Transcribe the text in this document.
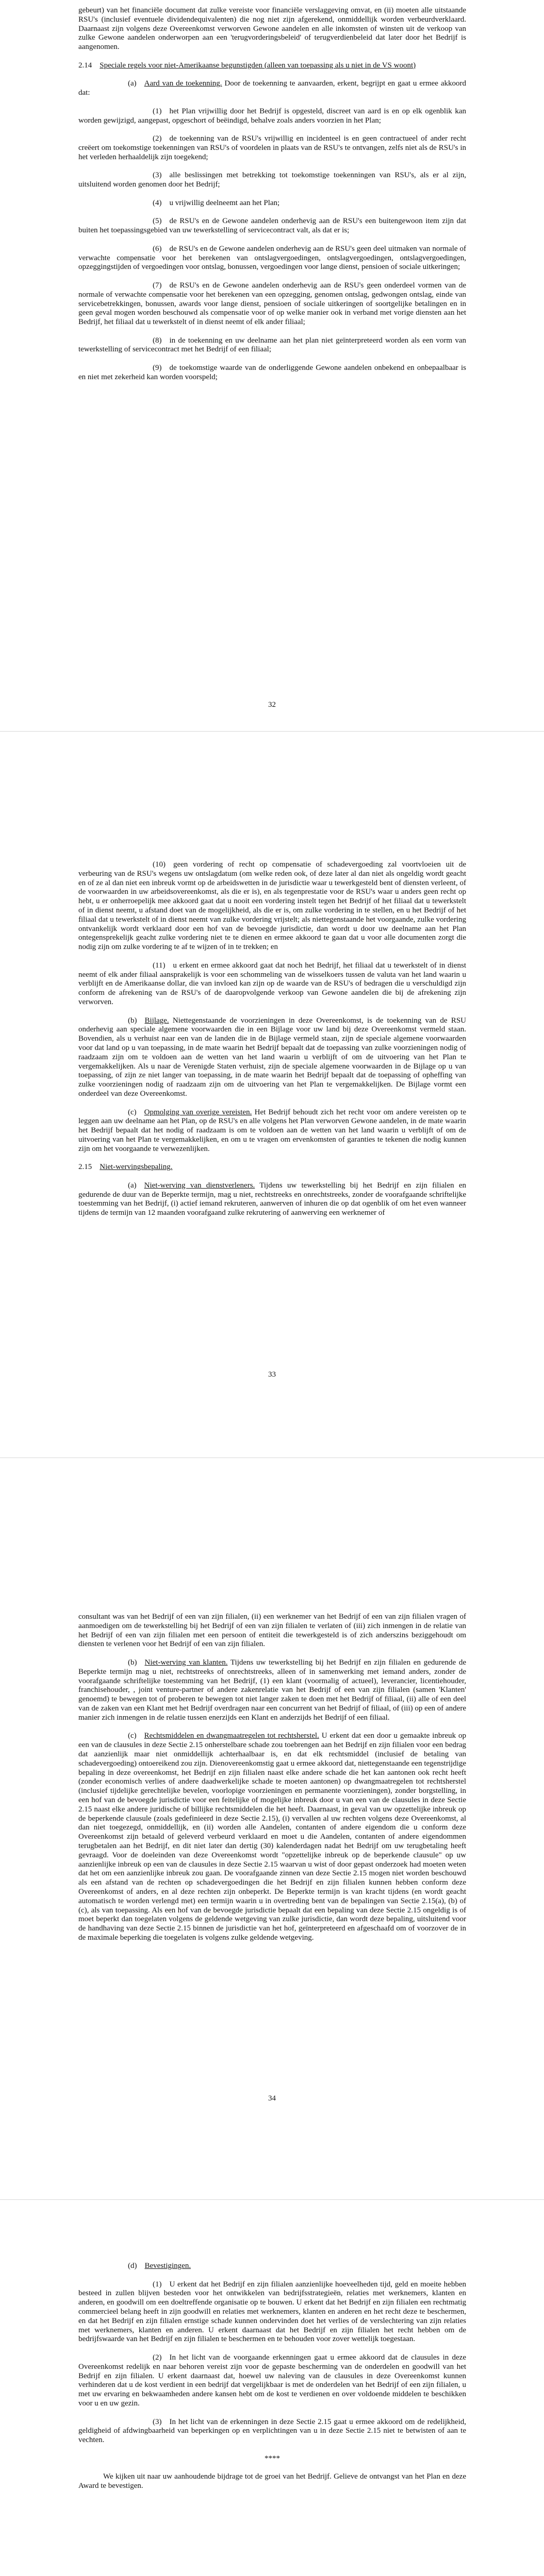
gebeurt) van het financiële document dat zulke vereiste voor financiële verslaggeving omvat, en (ii) moeten alle uitstaande RSU's (inclusief eventuele dividendequivalenten) die nog niet zijn afgerekend, onmiddellijk worden verbeurdverklaard. Daarnaast zijn volgens deze Overeenkomst verworven Gewone aandelen en alle inkomsten of winsten uit de verkoop van zulke Gewone aandelen onderworpen aan een 'terugvorderingsbeleid' of terugverdienbeleid dat later door het Bedrijf is aangenomen.

2.14  Speciale regels voor niet-Amerikaanse begunstigden (alleen van toepassing als u niet in de VS woont)

(a)  Aard van de toekenning. Door de toekenning te aanvaarden, erkent, begrijpt en gaat u ermee akkoord dat:

(1) het Plan vrijwillig door het Bedrijf is opgesteld, discreet van aard is en op elk ogenblik kan worden gewijzigd, aangepast, opgeschort of beëindigd, behalve zoals anders voorzien in het Plan;

(2) de toekenning van de RSU's vrijwillig en incidenteel is en geen contractueel of ander recht creëert om toekomstige toekenningen van RSU's of voordelen in plaats van de RSU's te ontvangen, zelfs niet als de RSU's in het verleden herhaaldelijk zijn toegekend;

(3) alle beslissingen met betrekking tot toekomstige toekenningen van RSU's, als er al zijn, uitsluitend worden genomen door het Bedrijf;

(4) u vrijwillig deelneemt aan het Plan;

(5) de RSU's en de Gewone aandelen onderhevig aan de RSU's een buitengewoon item zijn dat buiten het toepassingsgebied van uw tewerkstelling of servicecontract valt, als dat er is;

(6) de RSU's en de Gewone aandelen onderhevig aan de RSU's geen deel uitmaken van normale of verwachte compensatie voor het berekenen van ontslagvergoedingen, ontslagvergoedingen, ontslagvergoedingen, opzeggingstijden of vergoedingen voor ontslag, bonussen, vergoedingen voor lange dienst, pensioen of sociale uitkeringen;

(7) de RSU's en de Gewone aandelen onderhevig aan de RSU's geen onderdeel vormen van de normale of verwachte compensatie voor het berekenen van een opzegging, genomen ontslag, gedwongen ontslag, einde van servicebetrekkingen, bonussen, awards voor lange dienst, pensioen of sociale uitkeringen of soortgelijke betalingen en in geen geval mogen worden beschouwd als compensatie voor of op welke manier ook in verband met vorige diensten aan het Bedrijf, het filiaal dat u tewerkstelt of in dienst neemt of elk ander filiaal;

(8) in de toekenning en uw deelname aan het plan niet geïnterpreteerd worden als een vorm van tewerkstelling of servicecontract met het Bedrijf of een filiaal;

(9) de toekomstige waarde van de onderliggende Gewone aandelen onbekend en onbepaalbaar is en niet met zekerheid kan worden voorspeld;

32

(10) geen vordering of recht op compensatie of schadevergoeding zal voortvloeien uit de verbeuring van de RSU's wegens uw ontslagdatum (om welke reden ook, of deze later al dan niet als ongeldig wordt geacht en of ze al dan niet een inbreuk vormt op de arbeidswetten in de jurisdictie waar u tewerkgesteld bent of diensten verleent, of de voorwaarden in uw arbeidsovereenkomst, als die er is), en als tegenprestatie voor de RSU's waar u anders geen recht op hebt, u er onherroepelijk mee akkoord gaat dat u nooit een vordering instelt tegen het Bedrijf of het filiaal dat u tewerkstelt of in dienst neemt, u afstand doet van de mogelijkheid, als die er is, om zulke vordering in te stellen, en u het Bedrijf of het filiaal dat u tewerkstelt of in dienst neemt van zulke vordering vrijstelt; als niettegenstaande het voorgaande, zulke vordering ontvankelijk wordt verklaard door een hof van de bevoegde jurisdictie, dan wordt u door uw deelname aan het Plan ontegensprekelijk geacht zulke vordering niet te te dienen en ermee akkoord te gaan dat u voor alle documenten zorgt die nodig zijn om zulke vordering te af te wijzen of in te trekken; en

(11) u erkent en ermee akkoord gaat dat noch het Bedrijf, het filiaal dat u tewerkstelt of in dienst neemt of elk ander filiaal aansprakelijk is voor een schommeling van de wisselkoers tussen de valuta van het land waarin u verblijft en de Amerikaanse dollar, die van invloed kan zijn op de waarde van de RSU's of bedragen die u verschuldigd zijn conform de afrekening van de RSU's of de daaropvolgende verkoop van Gewone aandelen die bij de afrekening zijn verworven.

(b)  Bijlage. Niettegenstaande de voorzieningen in deze Overeenkomst, is de toekenning van de RSU onderhevig aan speciale algemene voorwaarden die in een Bijlage voor uw land bij deze Overeenkomst vermeld staan. Bovendien, als u verhuist naar een van de landen die in de Bijlage vermeld staan, zijn de speciale algemene voorwaarden voor dat land op u van toepassing, in de mate waarin het Bedrijf bepaalt dat de toepassing van zulke voorzieningen nodig of raadzaam zijn om te voldoen aan de wetten van het land waarin u verblijft of om de uitvoering van het Plan te vergemakkelijken. Als u naar de Verenigde Staten verhuist, zijn de speciale algemene voorwaarden in de Bijlage op u van toepassing, of zijn ze niet langer van toepassing, in de mate waarin het Bedrijf bepaalt dat de toepassing of opheffing van zulke voorzieningen nodig of raadzaam zijn om de uitvoering van het Plan te vergemakkelijken. De Bijlage vormt een onderdeel van deze Overeenkomst.

(c)  Opmolging van overige vereisten. Het Bedrijf behoudt zich het recht voor om andere vereisten op te leggen aan uw deelname aan het Plan, op de RSU's en alle volgens het Plan verworven Gewone aandelen, in de mate waarin het Bedrijf bepaalt dat het nodig of raadzaam is om te voldoen aan de wetten van het land waarin u verblijft of om de uitvoering van het Plan te vergemakkelijken, en om u te vragen om ervenkomsten of garanties te tekenen die nodig kunnen zijn om het voorgaande te verwezenlijken.

2.15  Niet-wervingsbepaling.

(a)  Niet-werving van dienstverleners. Tijdens uw tewerkstelling bij het Bedrijf en zijn filialen en gedurende de duur van de Beperkte termijn, mag u niet, rechtstreeks en onrechtstreeks, zonder de voorafgaande schriftelijke toestemming van het Bedrijf, (i) actief iemand rekruteren, aanwerven of inhuren die op dat ogenblik of om het even wanneer tijdens de termijn van 12 maanden voorafgaand zulke rekrutering of aanwerving een werknemer of

33

consultant was van het Bedrijf of een van zijn filialen, (ii) een werknemer van het Bedrijf of een van zijn filialen vragen of aanmoedigen om de tewerkstelling bij het Bedrijf of een van zijn filialen te verlaten of (iii) zich inmengen in de relatie van het Bedrijf of een van zijn filialen met een persoon of entiteit die tewerkgesteld is of zich anderszins beziggehoudt om diensten te verlenen voor het Bedrijf of een van zijn filialen.

(b)  Niet-werving van klanten. Tijdens uw tewerkstelling bij het Bedrijf en zijn filialen en gedurende de Beperkte termijn mag u niet, rechtstreeks of onrechtstreeks, alleen of in samenwerking met iemand anders, zonder de voorafgaande schriftelijke toestemming van het Bedrijf, (1) een klant (voormalig of actueel), leverancier, licentiehouder, franchisehouder, , joint venture-partner of andere zakenrelatie van het Bedrijf of een van zijn filialen (samen 'Klanten' genoemd) te bewegen tot of proberen te bewegen tot niet langer zaken te doen met het Bedrijf of filiaal, (ii) alle of een deel van de zaken van een Klant met het Bedrijf overdragen naar een concurrent van het Bedrijf of filiaal, of (iii) op een of andere manier zich inmengen in de relatie tussen enerzijds een Klant en anderzijds het Bedrijf of een filiaal.

(c)  Rechtsmiddelen en dwangmaatregelen tot rechtsherstel. U erkent dat een door u gemaakte inbreuk op een van de clausules in deze Sectie 2.15 onherstelbare schade zou toebrengen aan het Bedrijf en zijn filialen voor een bedrag dat aanzienlijk maar niet onmiddellijk achterhaalbaar is, en dat elk rechtsmiddel (inclusief de betaling van schadevergoeding) ontoereikend zou zijn. Dienovereenkomstig gaat u ermee akkoord dat, niettegenstaande een tegenstrijdige bepaling in deze overeenkomst, het Bedrijf en zijn filialen naast elke andere schade die het kan aantonen ook recht heeft (zonder economisch verlies of andere daadwerkelijke schade te moeten aantonen) op dwangmaatregelen tot rechtsherstel (inclusief tijdelijke gerechtelijke bevelen, voorlopige voorzieningen en permanente voorzieningen), zonder borgstelling, in een hof van de bevoegde jurisdictie voor een feitelijke of mogelijke inbreuk door u van een van de clausules in deze Sectie 2.15 naast elke andere juridische of billijke rechtsmiddelen die het heeft. Daarnaast, in geval van uw opzettelijke inbreuk op de beperkende clausule (zoals gedefinieerd in deze Sectie 2.15), (i) vervallen al uw rechten volgens deze Overeenkomst, al dan niet toegezegd, onmiddellijk, en (ii) worden alle Aandelen, contanten of andere eigendom die u conform deze Overeenkomst zijn betaald of geleverd verbeurd verklaard en moet u die Aandelen, contanten of andere eigendommen terugbetalen aan het Bedrijf, en dit niet later dan dertig (30) kalenderdagen nadat het Bedrijf om uw terugbetaling heeft gevraagd. Voor de doeleinden van deze Overeenkomst wordt "opzettelijke inbreuk op de beperkende clausule" op uw aanzienlijke inbreuk op een van de clausules in deze Sectie 2.15 waarvan u wist of door gepast onderzoek had moeten weten dat het om een aanzienlijke inbreuk zou gaan. De voorafgaande zinnen van deze Sectie 2.15 mogen niet worden beschouwd als een afstand van de rechten op schadevergoedingen die het Bedrijf en zijn filialen kunnen hebben conform deze Overeenkomst of anders, en al deze rechten zijn onbeperkt. De Beperkte termijn is van kracht tijdens (en wordt geacht automatisch te worden verlengd met) een termijn waarin u in overtreding bent van de bepalingen van Sectie 2.15(a), (b) of (c), als van toepassing. Als een hof van de bevoegde jurisdictie bepaalt dat een bepaling van deze Sectie 2.15 ongeldig is of moet beperkt dan toegelaten volgens de geldende wetgeving van zulke jurisdictie, dan wordt deze bepaling, uitsluitend voor de handhaving van deze Sectie 2.15 binnen de jurisdictie van het hof, geïnterpreteerd en afgeschaafd om of voorzover de in de maximale beperking die toegelaten is volgens zulke geldende wetgeving.

34

(d)  Bevestigingen.

(1) U erkent dat het Bedrijf en zijn filialen aanzienlijke hoeveelheden tijd, geld en moeite hebben besteed in zullen blijven besteden voor het ontwikkelen van bedrijfsstrategieën, relaties met werknemers, klanten en anderen, en goodwill om een doeltreffende organisatie op te bouwen. U erkent dat het Bedrijf en zijn filialen een rechtmatig commercieel belang heeft in zijn goodwill en relaties met werknemers, klanten en anderen en het recht deze te beschermen, en dat het Bedrijf en zijn filialen ernstige schade kunnen ondervinden doet het verlies of de verslechtering van zijn relaties met werknemers, klanten en anderen. U erkent daarnaast dat het Bedrijf en zijn filialen het recht hebben om de bedrijfswaarde van het Bedrijf en zijn filialen te beschermen en te behouden voor zover wettelijk toegestaan.

(2) In het licht van de voorgaande erkenningen gaat u ermee akkoord dat de clausules in deze Overeenkomst redelijk en naar behoren vereist zijn voor de gepaste bescherming van de onderdelen en goodwill van het Bedrijf en zijn filialen. U erkent daarnaast dat, hoewel uw naleving van de clausules in deze Overeenkomst kunnen verhinderen dat u de kost verdient in een bedrijf dat vergelijkbaar is met de onderdelen van het Bedrijf of een zijn filialen, u met uw ervaring en bekwaamheden andere kansen hebt om de kost te verdienen en over voldoende middelen te beschikken voor u en uw gezin.

(3) In het licht van de erkenningen in deze Sectie 2.15 gaat u ermee akkoord om de redelijkheid, geldigheid of afdwingbaarheid van beperkingen op en verplichtingen van u in deze Sectie 2.15 niet te betwisten of aan te vechten.

****

We kijken uit naar uw aanhoudende bijdrage tot de groei van het Bedrijf. Gelieve de ontvangst van het Plan en deze Award te bevestigen.
